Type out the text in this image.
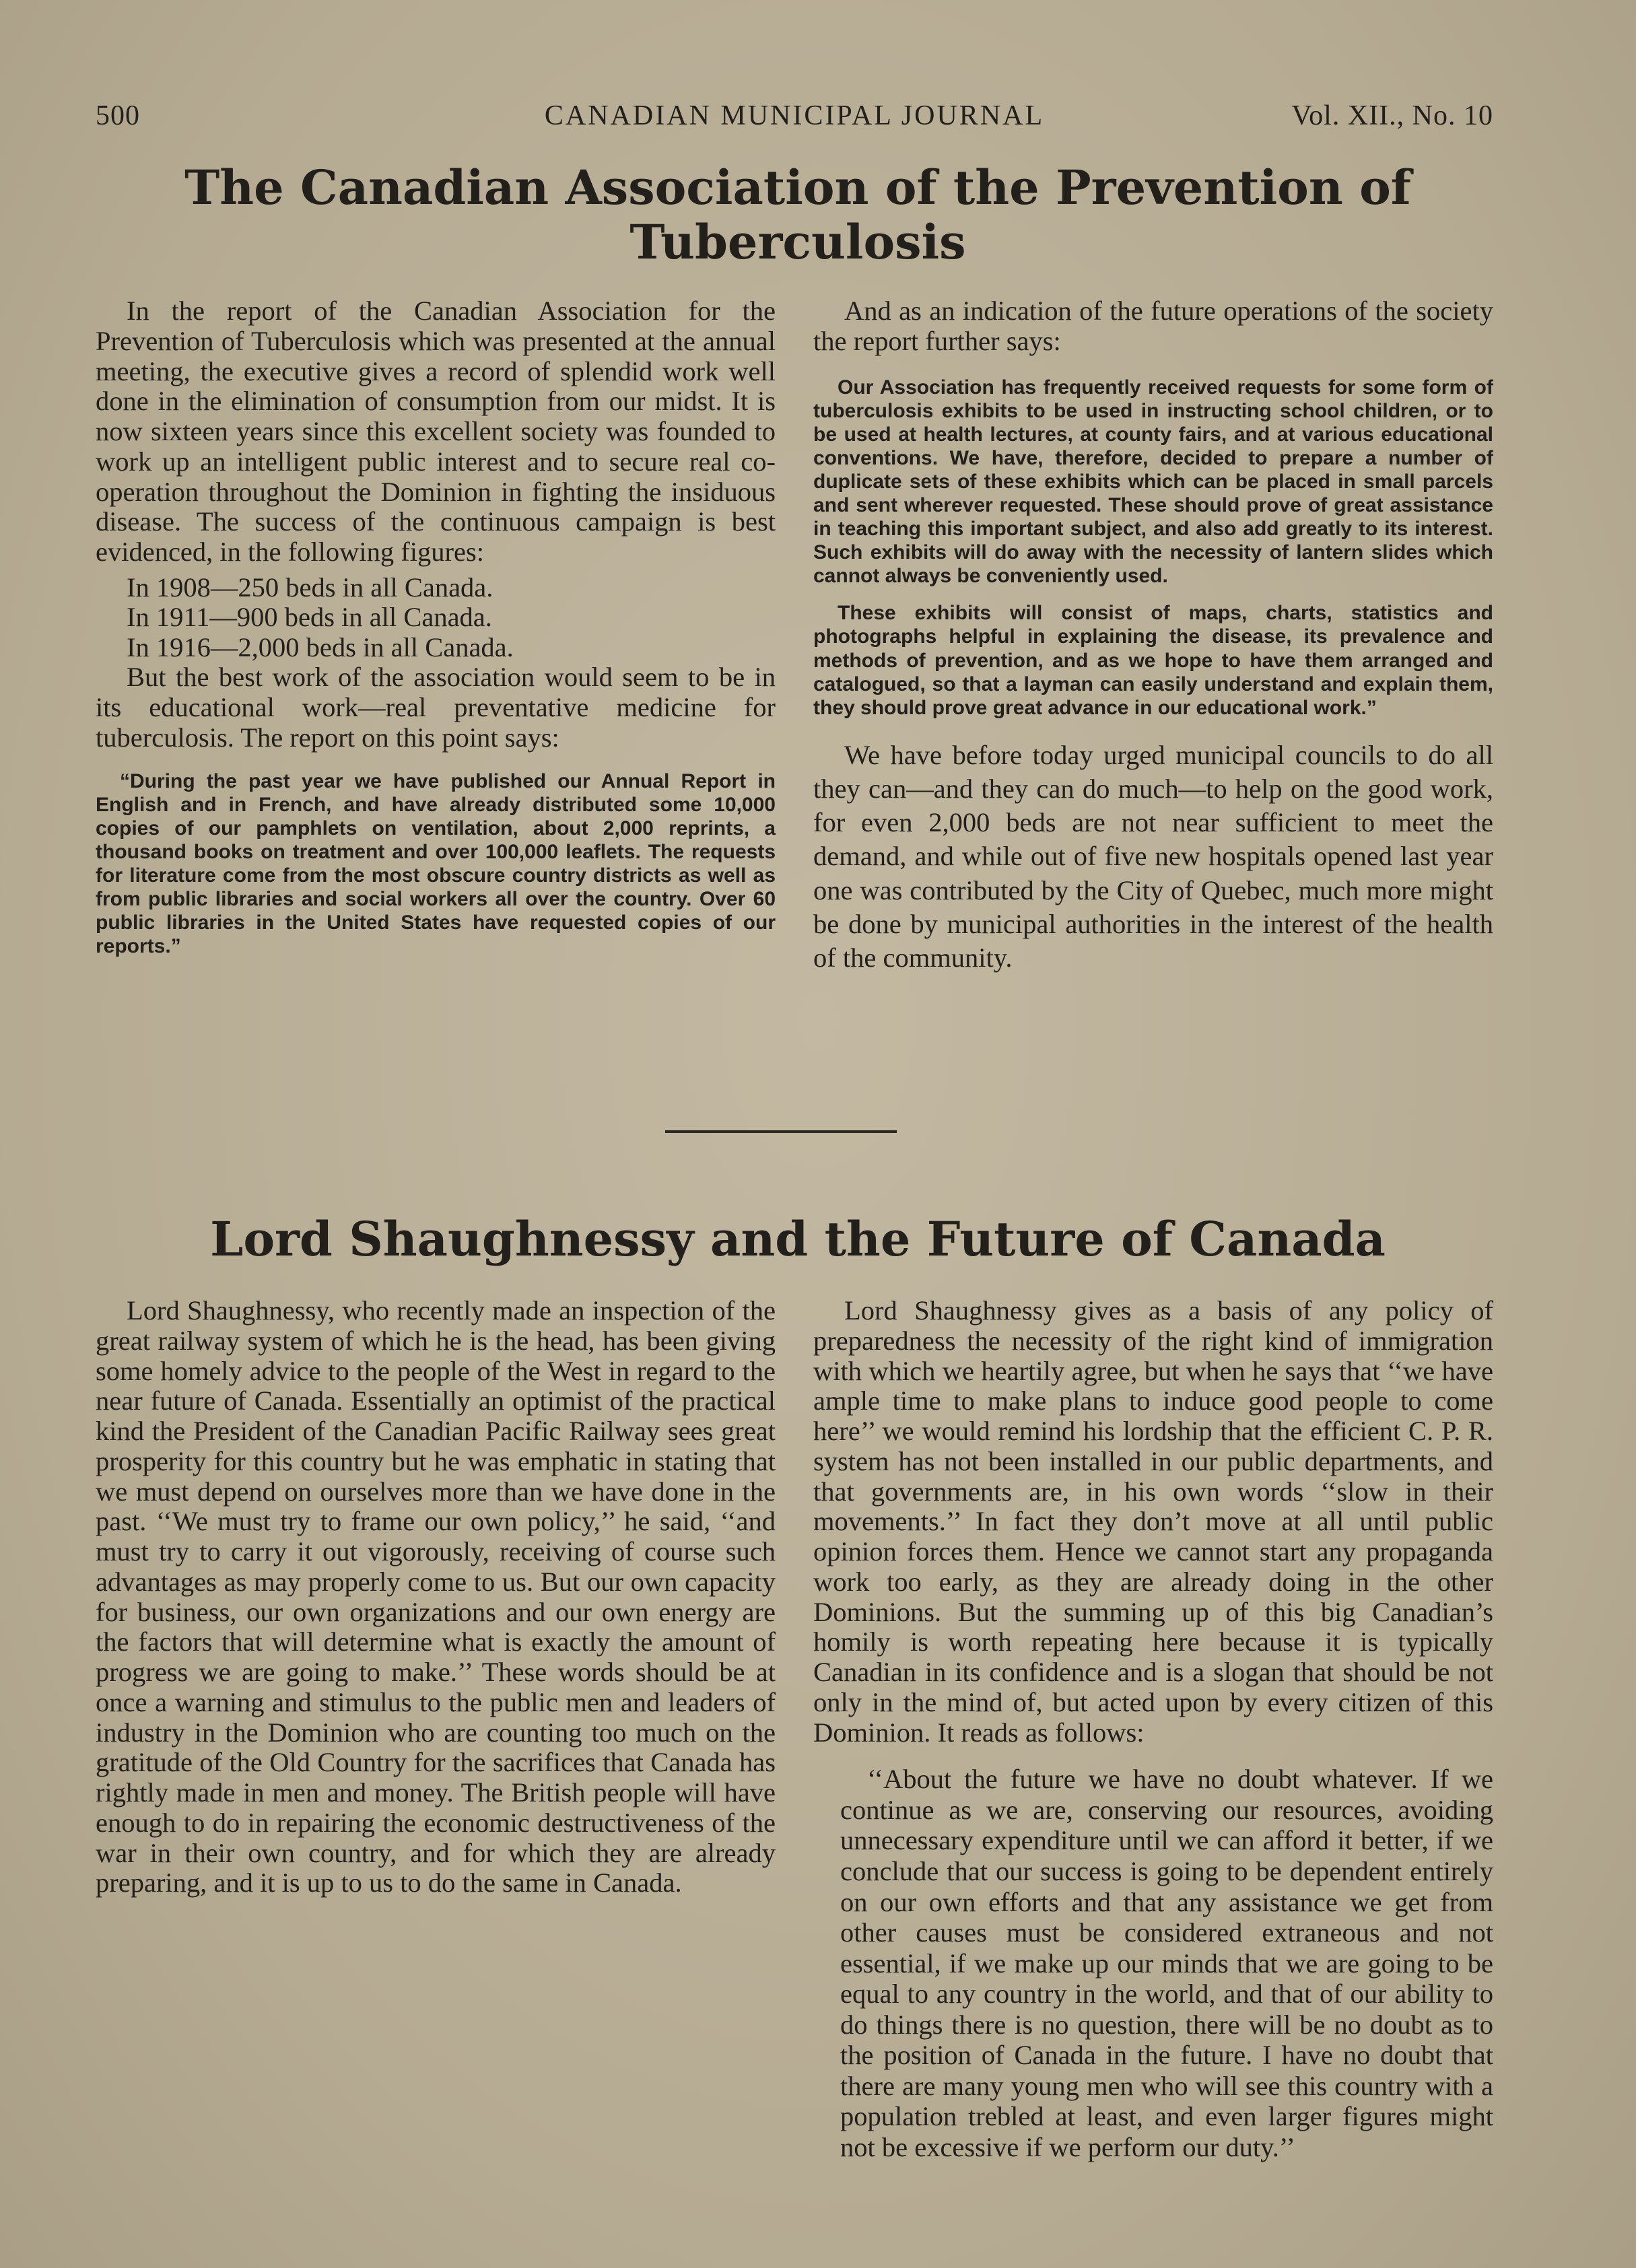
500	CANADIAN MUNICIPAL JOURNAL	Vol. XII., No. 10
The Canadian Association of the Prevention of Tuberculosis

In the report of the Canadian Association for the Prevention of Tuberculosis which was presented at the annual meeting, the executive gives a record of splendid work well done in the elimination of consumption from our midst. It is now sixteen years since this excellent society was founded to work up an intelligent public interest and to secure real co-operation throughout the Dominion in fighting the insiduous disease. The success of the continuous campaign is best evidenced, in the following figures:

In 1908—250 beds in all Canada.
In 1911—900 beds in all Canada.
In 1916—2,000 beds in all Canada.

But the best work of the association would seem to be in its educational work—real preventative medicine for tuberculosis. The report on this point says:

“During the past year we have published our Annual Report in English and in French, and have already distributed some 10,000 copies of our pamphlets on ventilation, about 2,000 reprints, a thousand books on treatment and over 100,000 leaflets. The requests for literature come from the most obscure country districts as well as from public libraries and social workers all over the country. Over 60 public libraries in the United States have requested copies of our reports.”

And as an indication of the future operations of the society the report further says:

Our Association has frequently received requests for some form of tuberculosis exhibits to be used in instructing school children, or to be used at health lectures, at county fairs, and at various educational conventions. We have, therefore, decided to prepare a number of duplicate sets of these exhibits which can be placed in small parcels and sent wherever requested. These should prove of great assistance in teaching this important subject, and also add greatly to its interest. Such exhibits will do away with the necessity of lantern slides which cannot always be conveniently used.

These exhibits will consist of maps, charts, statistics and photographs helpful in explaining the disease, its prevalence and methods of prevention, and as we hope to have them arranged and catalogued, so that a layman can easily understand and explain them, they should prove great advance in our educational work.”

We have before today urged municipal councils to do all they can—and they can do much—to help on the good work, for even 2,000 beds are not near sufficient to meet the demand, and while out of five new hospitals opened last year one was contributed by the City of Quebec, much more might be done by municipal authorities in the interest of the health of the community.

Lord Shaughnessy and the Future of Canada

Lord Shaughnessy, who recently made an inspection of the great railway system of which he is the head, has been giving some homely advice to the people of the West in regard to the near future of Canada. Essentially an optimist of the practical kind the President of the Canadian Pacific Railway sees great prosperity for this country but he was emphatic in stating that we must depend on ourselves more than we have done in the past. ‘‘We must try to frame our own policy,’’ he said, ‘‘and must try to carry it out vigorously, receiving of course such advantages as may properly come to us. But our own capacity for business, our own organizations and our own energy are the factors that will determine what is exactly the amount of progress we are going to make.’’ These words should be at once a warning and stimulus to the public men and leaders of industry in the Dominion who are counting too much on the gratitude of the Old Country for the sacrifices that Canada has rightly made in men and money. The British people will have enough to do in repairing the economic destructiveness of the war in their own country, and for which they are already preparing, and it is up to us to do the same in Canada.

Lord Shaughnessy gives as a basis of any policy of preparedness the necessity of the right kind of immigration with which we heartily agree, but when he says that ‘‘we have ample time to make plans to induce good people to come here’’ we would remind his lordship that the efficient C. P. R. system has not been installed in our public departments, and that governments are, in his own words ‘‘slow in their movements.’’ In fact they don’t move at all until public opinion forces them. Hence we cannot start any propaganda work too early, as they are already doing in the other Dominions. But the summing up of this big Canadian’s homily is worth repeating here because it is typically Canadian in its confidence and is a slogan that should be not only in the mind of, but acted upon by every citizen of this Dominion. It reads as follows:

‘‘About the future we have no doubt whatever. If we continue as we are, conserving our resources, avoiding unnecessary expenditure until we can afford it better, if we conclude that our success is going to be dependent entirely on our own efforts and that any assistance we get from other causes must be considered extraneous and not essential, if we make up our minds that we are going to be equal to any country in the world, and that of our ability to do things there is no question, there will be no doubt as to the position of Canada in the future. I have no doubt that there are many young men who will see this country with a population trebled at least, and even larger figures might not be excessive if we perform our duty.’’
